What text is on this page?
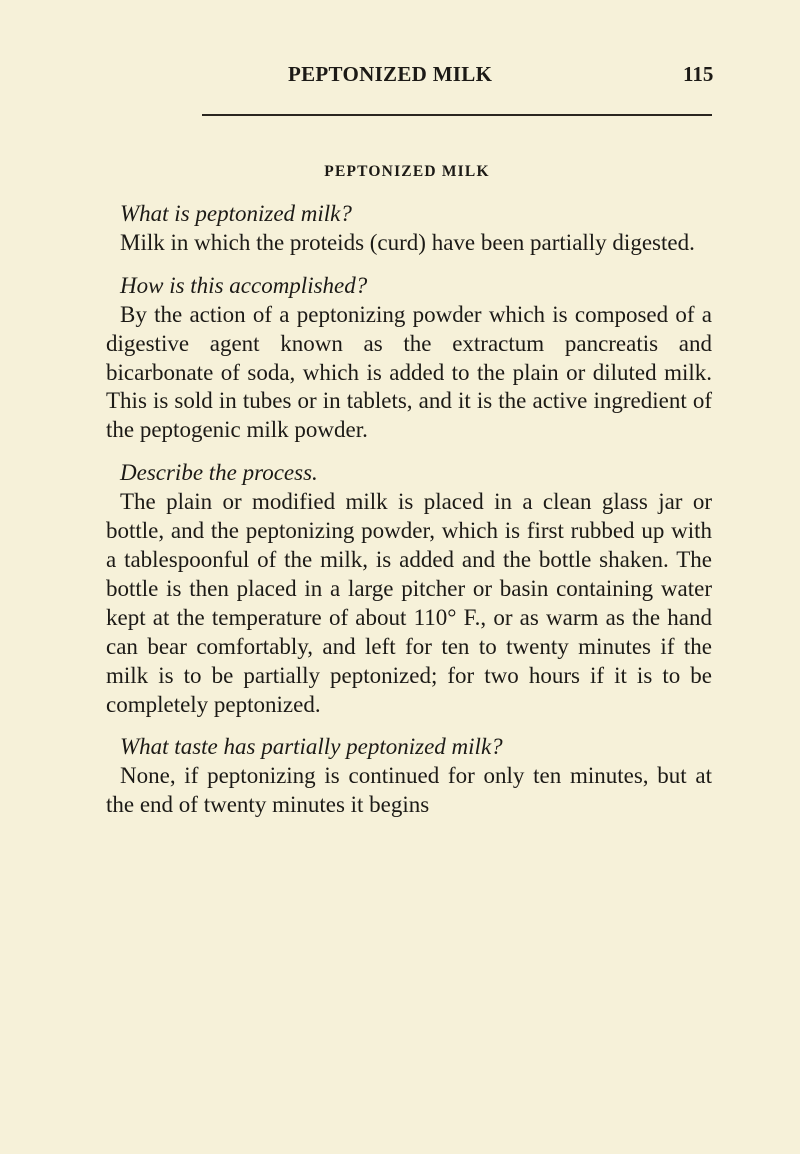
PEPTONIZED MILK	115
PEPTONIZED MILK

What is peptonized milk?

Milk in which the proteids (curd) have been partially digested.

How is this accomplished?

By the action of a peptonizing powder which is composed of a digestive agent known as the extractum pancreatis and bicarbonate of soda, which is added to the plain or diluted milk. This is sold in tubes or in tablets, and it is the active ingredient of the peptogenic milk powder.

Describe the process.

The plain or modified milk is placed in a clean glass jar or bottle, and the peptonizing powder, which is first rubbed up with a tablespoonful of the milk, is added and the bottle shaken. The bottle is then placed in a large pitcher or basin containing water kept at the temperature of about 110° F., or as warm as the hand can bear comfortably, and left for ten to twenty minutes if the milk is to be partially peptonized; for two hours if it is to be completely peptonized.

What taste has partially peptonized milk?

None, if peptonizing is continued for only ten minutes, but at the end of twenty minutes it begins
